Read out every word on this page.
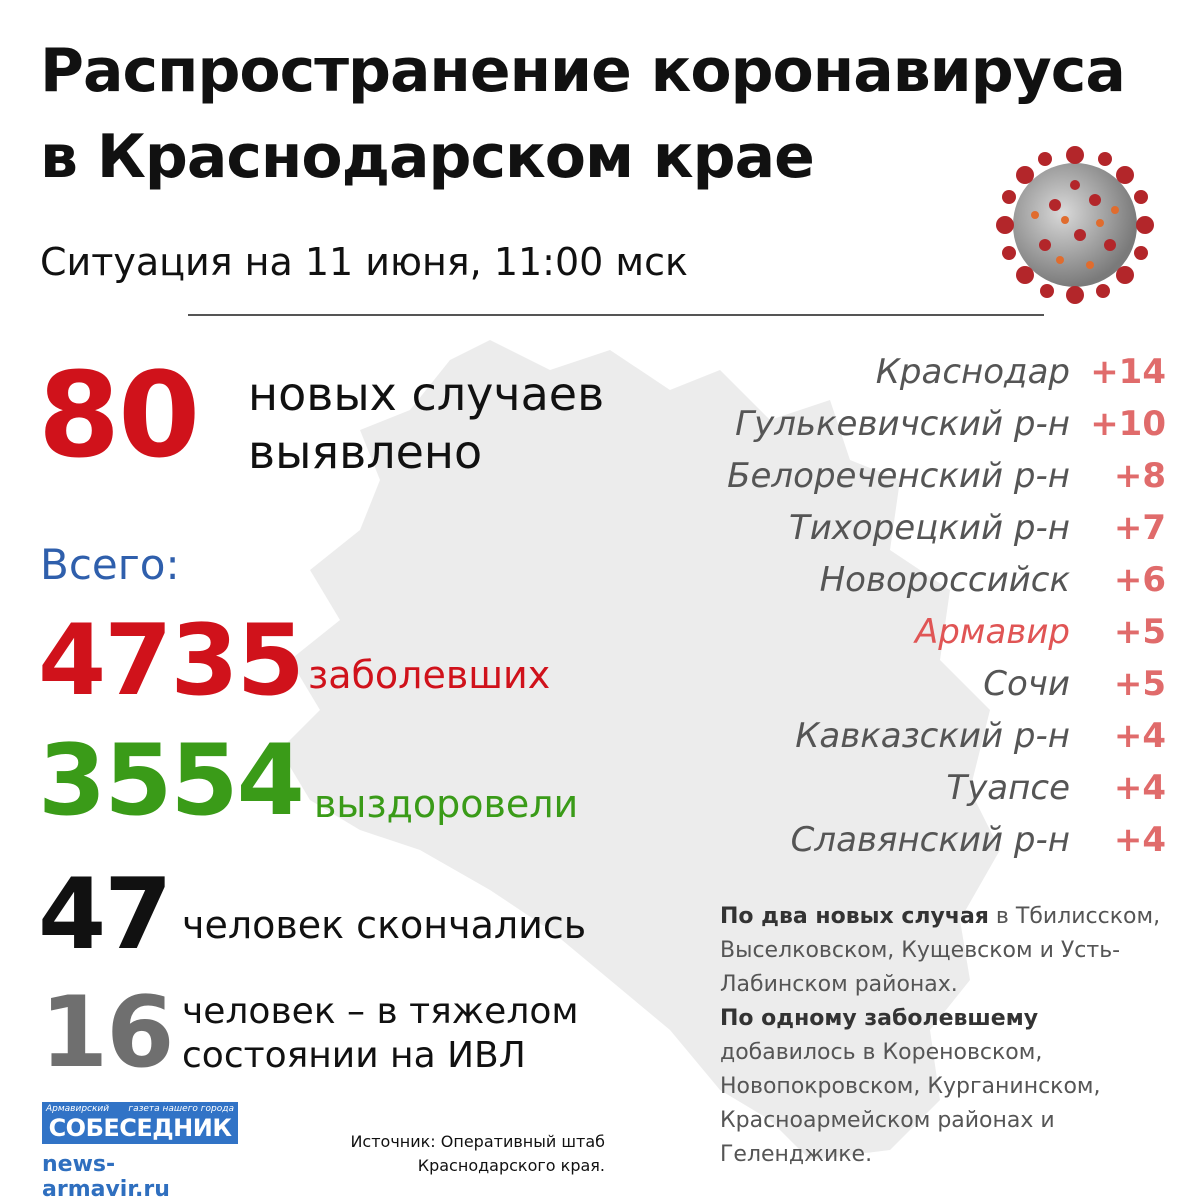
Распространение коронавируса
в Краснодарском крае
Ситуация на 11 июня, 11:00 мск
80 новых случаев
выявлено
Всего:
4735 заболевших
3554 выздоровели
47 человек скончались
16 человек – в тяжелом
состоянии на ИВЛ
Краснодар +14
Гулькевичский р-н +10
Белореченский р-н +8
Тихорецкий р-н +7
Новороссийск +6
Армавир +5
Сочи +5
Кавказский р-н +4
Туапсе +4
Славянский р-н +4
По два новых случая в Тбилисском, Выселковском, Кущевском и Усть-Лабинском районах.
По одному заболевшему добавилось в Кореновском, Новопокровском, Курганинском, Красноармейском районах и Геленджике.
Армавирский газета нашего города
СОБЕСЕДНИК
news-armavir.ru
Источник: Оперативный штаб
Краснодарского края.
